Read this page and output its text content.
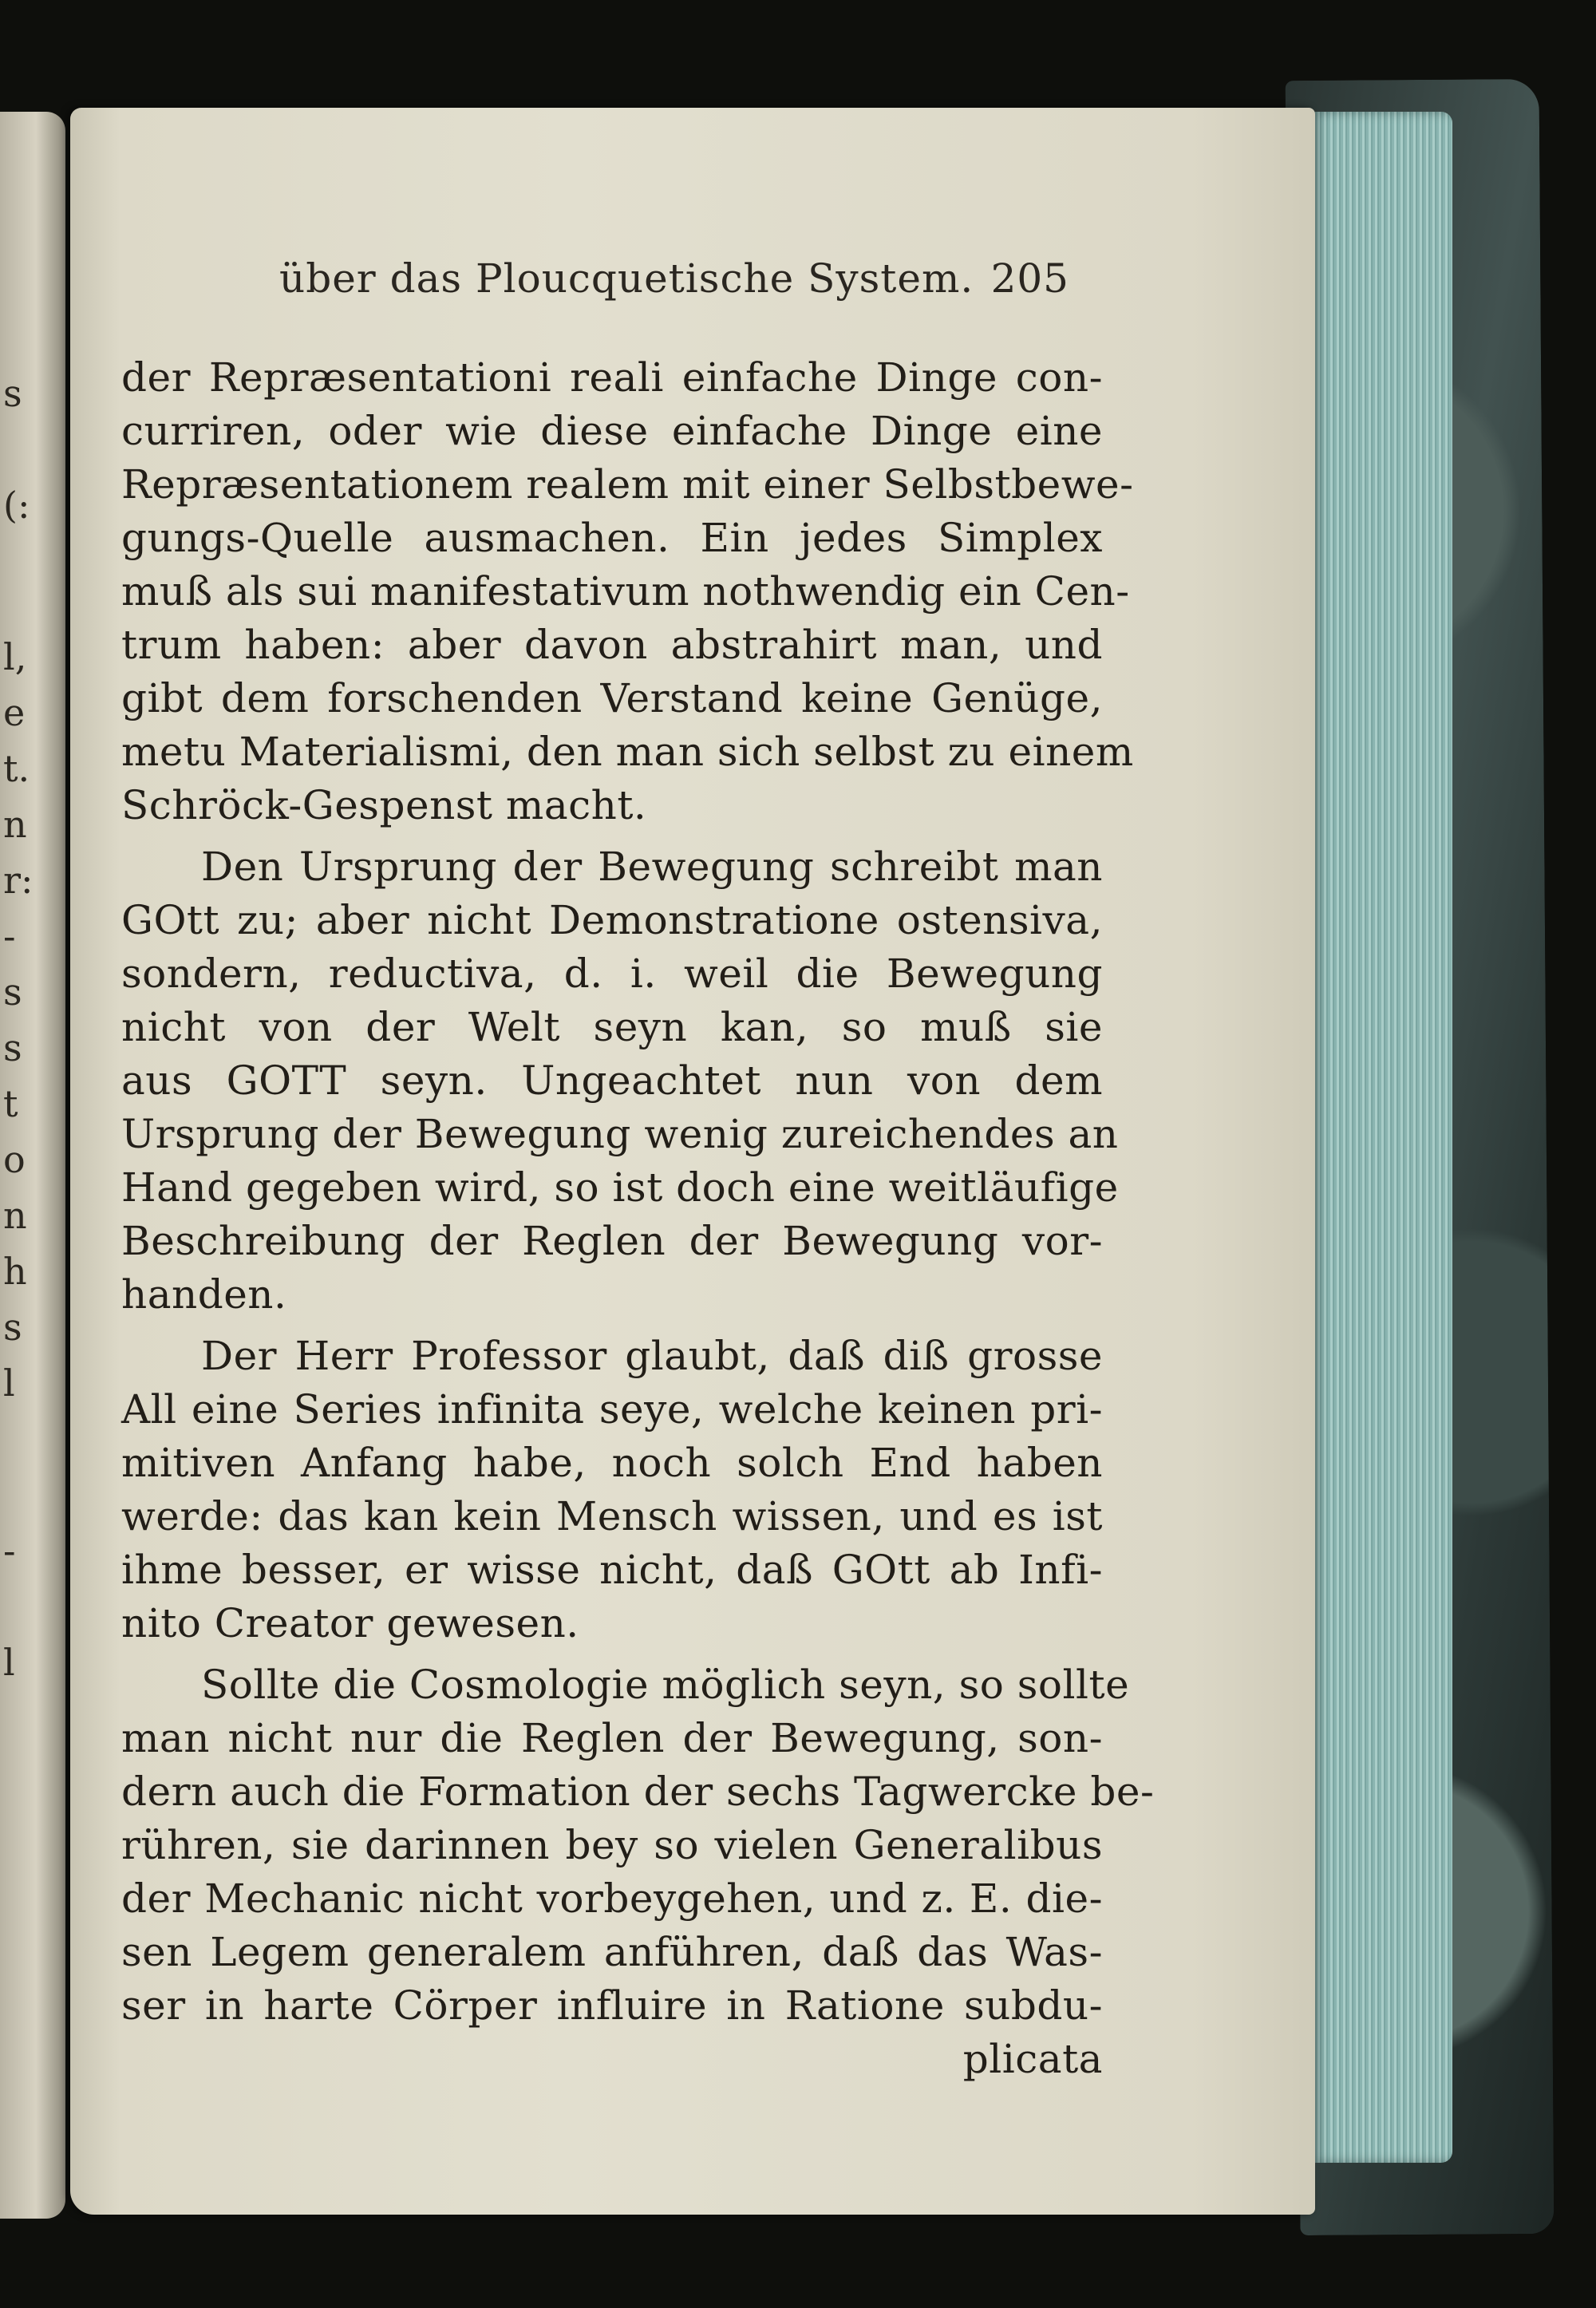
s
(:
l,
e
t.
n
r:
-
s
s
t
o
n
h
s
l
-
l
über das Ploucquetische System. 205
der Repræsentationi reali einfache Dinge con-
curriren, oder wie diese einfache Dinge eine
Repræsentationem realem mit einer Selbstbewe-
gungs-Quelle ausmachen. Ein jedes Simplex
muß als sui manifestativum nothwendig ein Cen-
trum haben: aber davon abstrahirt man, und
gibt dem forschenden Verstand keine Genüge,
metu Materialismi, den man sich selbst zu einem
Schröck-Gespenst macht.
Den Ursprung der Bewegung schreibt man
GOtt zu; aber nicht Demonstratione ostensiva,
sondern, reductiva, d. i. weil die Bewegung
nicht von der Welt seyn kan, so muß sie
aus GOTT seyn. Ungeachtet nun von dem
Ursprung der Bewegung wenig zureichendes an
Hand gegeben wird, so ist doch eine weitläufige
Beschreibung der Reglen der Bewegung vor-
handen.
Der Herr Professor glaubt, daß diß grosse
All eine Series infinita seye, welche keinen pri-
mitiven Anfang habe, noch solch End haben
werde: das kan kein Mensch wissen, und es ist
ihme besser, er wisse nicht, daß GOtt ab Infi-
nito Creator gewesen.
Sollte die Cosmologie möglich seyn, so sollte
man nicht nur die Reglen der Bewegung, son-
dern auch die Formation der sechs Tagwercke be-
rühren, sie darinnen bey so vielen Generalibus
der Mechanic nicht vorbeygehen, und z. E. die-
sen Legem generalem anführen, daß das Was-
ser in harte Cörper influire in Ratione subdu-
plicata
